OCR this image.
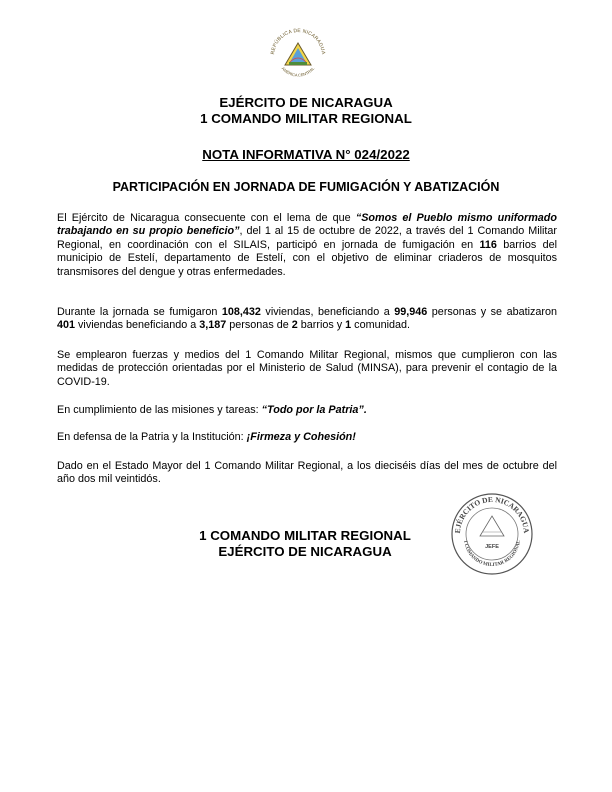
REPÚBLICA DE NICARAGUA
AMÉRICA CENTRAL
EJÉRCITO DE NICARAGUA
1 COMANDO MILITAR REGIONAL
NOTA INFORMATIVA N° 024/2022
PARTICIPACIÓN EN JORNADA DE FUMIGACIÓN Y ABATIZACIÓN
El Ejército de Nicaragua consecuente con el lema de que “Somos el Pueblo mismo uniformado trabajando en su propio beneficio”, del 1 al 15 de octubre de 2022, a través del 1 Comando Militar Regional, en coordinación con el SILAIS, participó en jornada de fumigación en 116 barrios del municipio de Estelí, departamento de Estelí, con el objetivo de eliminar criaderos de mosquitos transmisores del dengue y otras enfermedades.
Durante la jornada se fumigaron 108,432 viviendas, beneficiando a 99,946 personas y se abatizaron 401 viviendas beneficiando a 3,187 personas de 2 barrios y 1 comunidad.
Se emplearon fuerzas y medios del 1 Comando Militar Regional, mismos que cumplieron con las medidas de protección orientadas por el Ministerio de Salud (MINSA), para prevenir el contagio de la COVID-19.
En cumplimiento de las misiones y tareas: “Todo por la Patria”.
En defensa de la Patria y la Institución: ¡Firmeza y Cohesión!
Dado en el Estado Mayor del 1 Comando Militar Regional, a los dieciséis días del mes de octubre del año dos mil veintidós.
1 COMANDO MILITAR REGIONAL
EJÉRCITO DE NICARAGUA
EJÉRCITO DE NICARAGUA
1 COMANDO MILITAR REGIONAL
JEFE
